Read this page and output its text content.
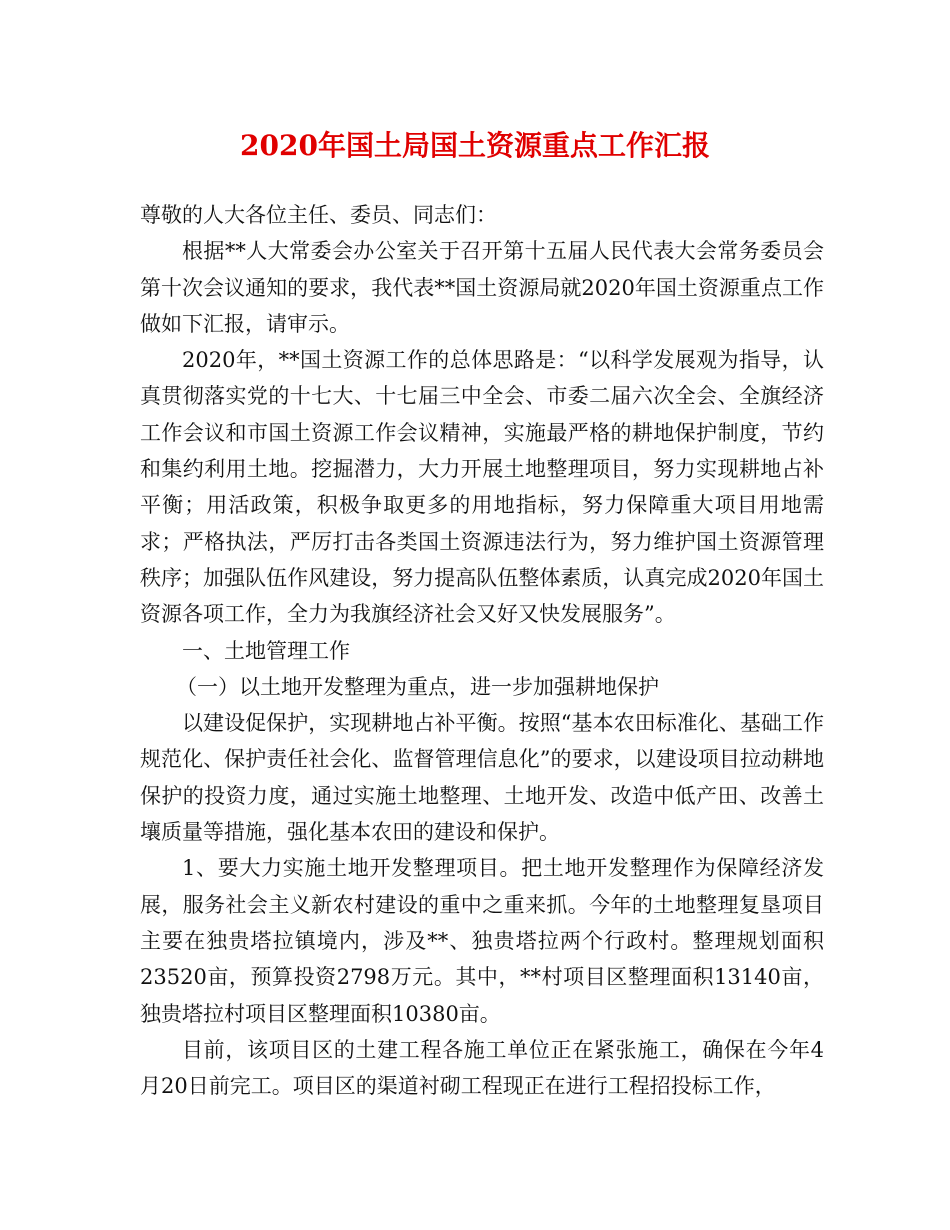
2020年国土局国土资源重点工作汇报

尊敬的人大各位主任、委员、同志们：

根据**人大常委会办公室关于召开第十五届人民代表大会常务委员会第十次会议通知的要求，我代表**国土资源局就2020年国土资源重点工作做如下汇报，请审示。

2020年，**国土资源工作的总体思路是：“以科学发展观为指导，认真贯彻落实党的十七大、十七届三中全会、市委二届六次全会、全旗经济工作会议和市国土资源工作会议精神，实施最严格的耕地保护制度，节约和集约利用土地。挖掘潜力，大力开展土地整理项目，努力实现耕地占补平衡；用活政策，积极争取更多的用地指标，努力保障重大项目用地需求；严格执法，严厉打击各类国土资源违法行为，努力维护国土资源管理秩序；加强队伍作风建设，努力提高队伍整体素质，认真完成2020年国土资源各项工作，全力为我旗经济社会又好又快发展服务”。

一、土地管理工作

（一）以土地开发整理为重点，进一步加强耕地保护

以建设促保护，实现耕地占补平衡。按照“基本农田标准化、基础工作规范化、保护责任社会化、监督管理信息化”的要求，以建设项目拉动耕地保护的投资力度，通过实施土地整理、土地开发、改造中低产田、改善土壤质量等措施，强化基本农田的建设和保护。

1、要大力实施土地开发整理项目。把土地开发整理作为保障经济发展，服务社会主义新农村建设的重中之重来抓。今年的土地整理复垦项目主要在独贵塔拉镇境内，涉及**、独贵塔拉两个行政村。整理规划面积23520亩，预算投资2798万元。其中，**村项目区整理面积13140亩，独贵塔拉村项目区整理面积10380亩。

目前，该项目区的土建工程各施工单位正在紧张施工，确保在今年4月20日前完工。项目区的渠道衬砌工程现正在进行工程招投标工作，
